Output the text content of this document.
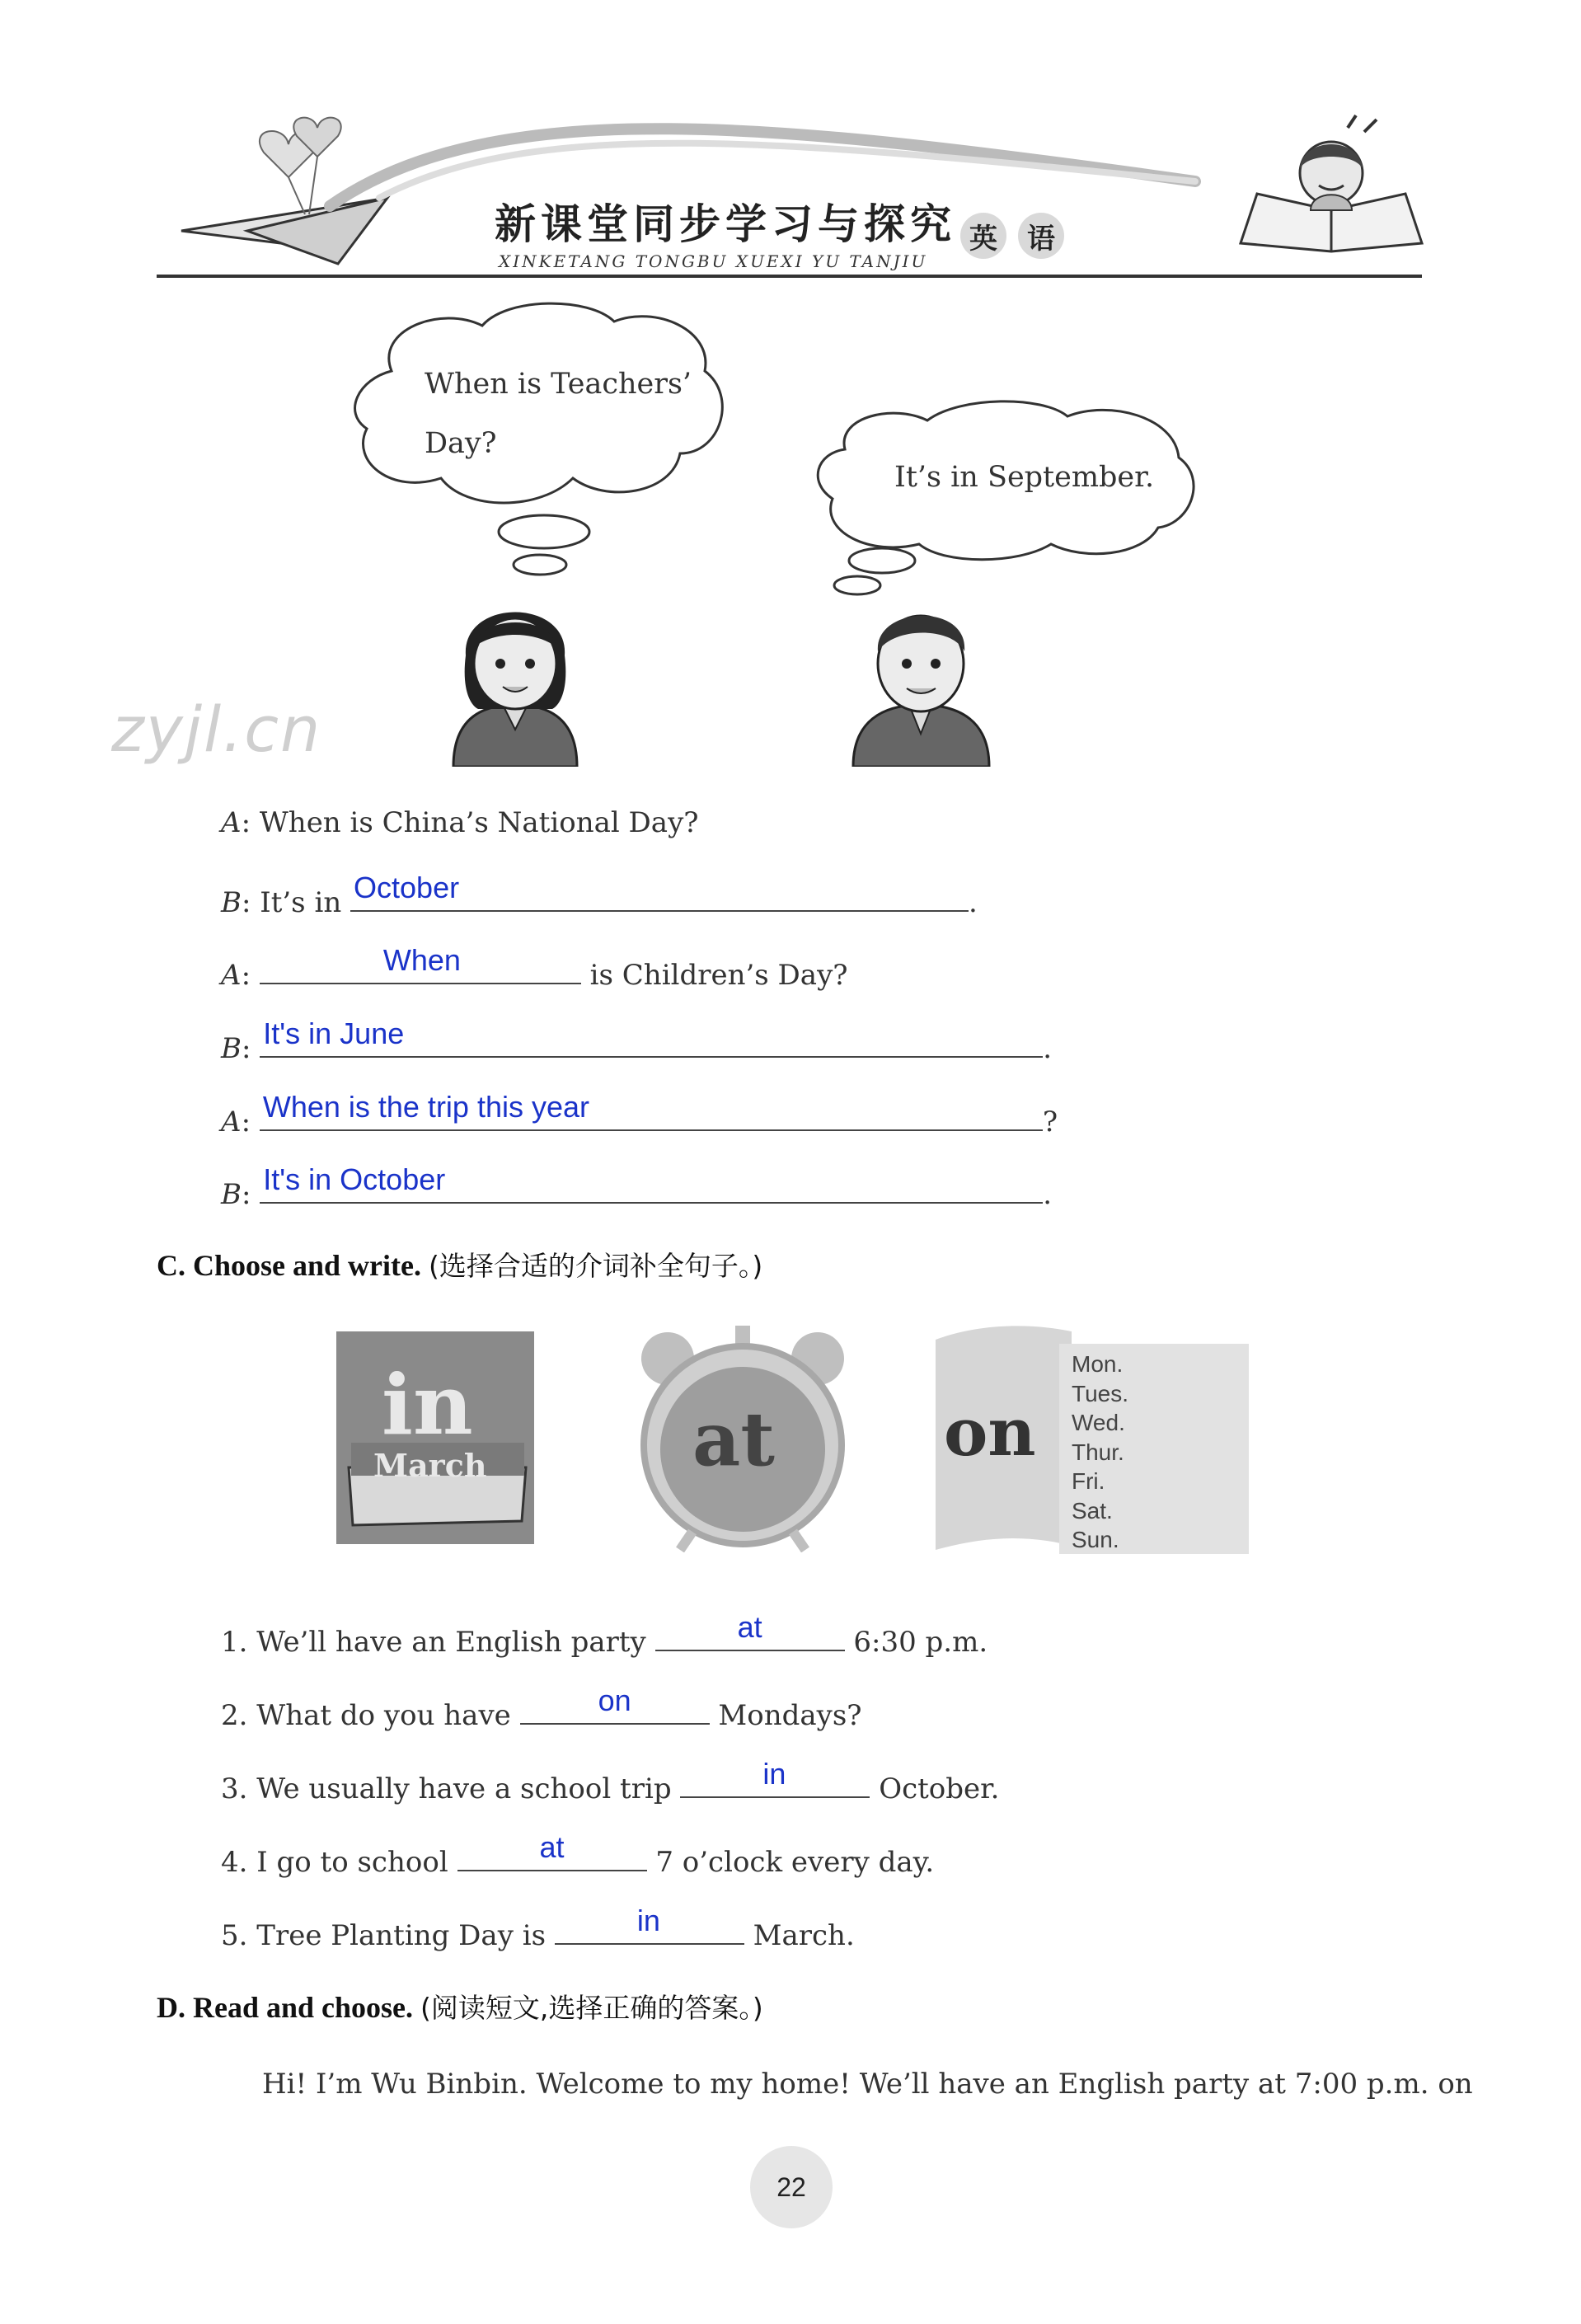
新课堂同步学习与探究
XINKETANG TONGBU XUEXI YU TANJIU
英	语
When is Teachers’
Day?
It’s in September.
zyjl.cn
A: When is China’s National Day?
B: It’s in October	.
A:	When	is Children’s Day?
B: It's in June	.
A: When is the trip this year	?
B: It's in October	.
C. Choose and write. (选择合适的介词补全句子。)
in
March	at	on
Mon.
Tues.
Wed.
Thur.
Fri.
Sat.
Sun.
1. We’ll have an English party	at	6:30 p.m.
2. What do you have	on	Mondays?
3. We usually have a school trip	in	October.
4. I go to school	at	7 o’clock every day.
5. Tree Planting Day is	in	March.
D. Read and choose. (阅读短文,选择正确的答案。)
Hi! I’m Wu Binbin. Welcome to my home! We’ll have an English party at 7:00 p.m. on
22
